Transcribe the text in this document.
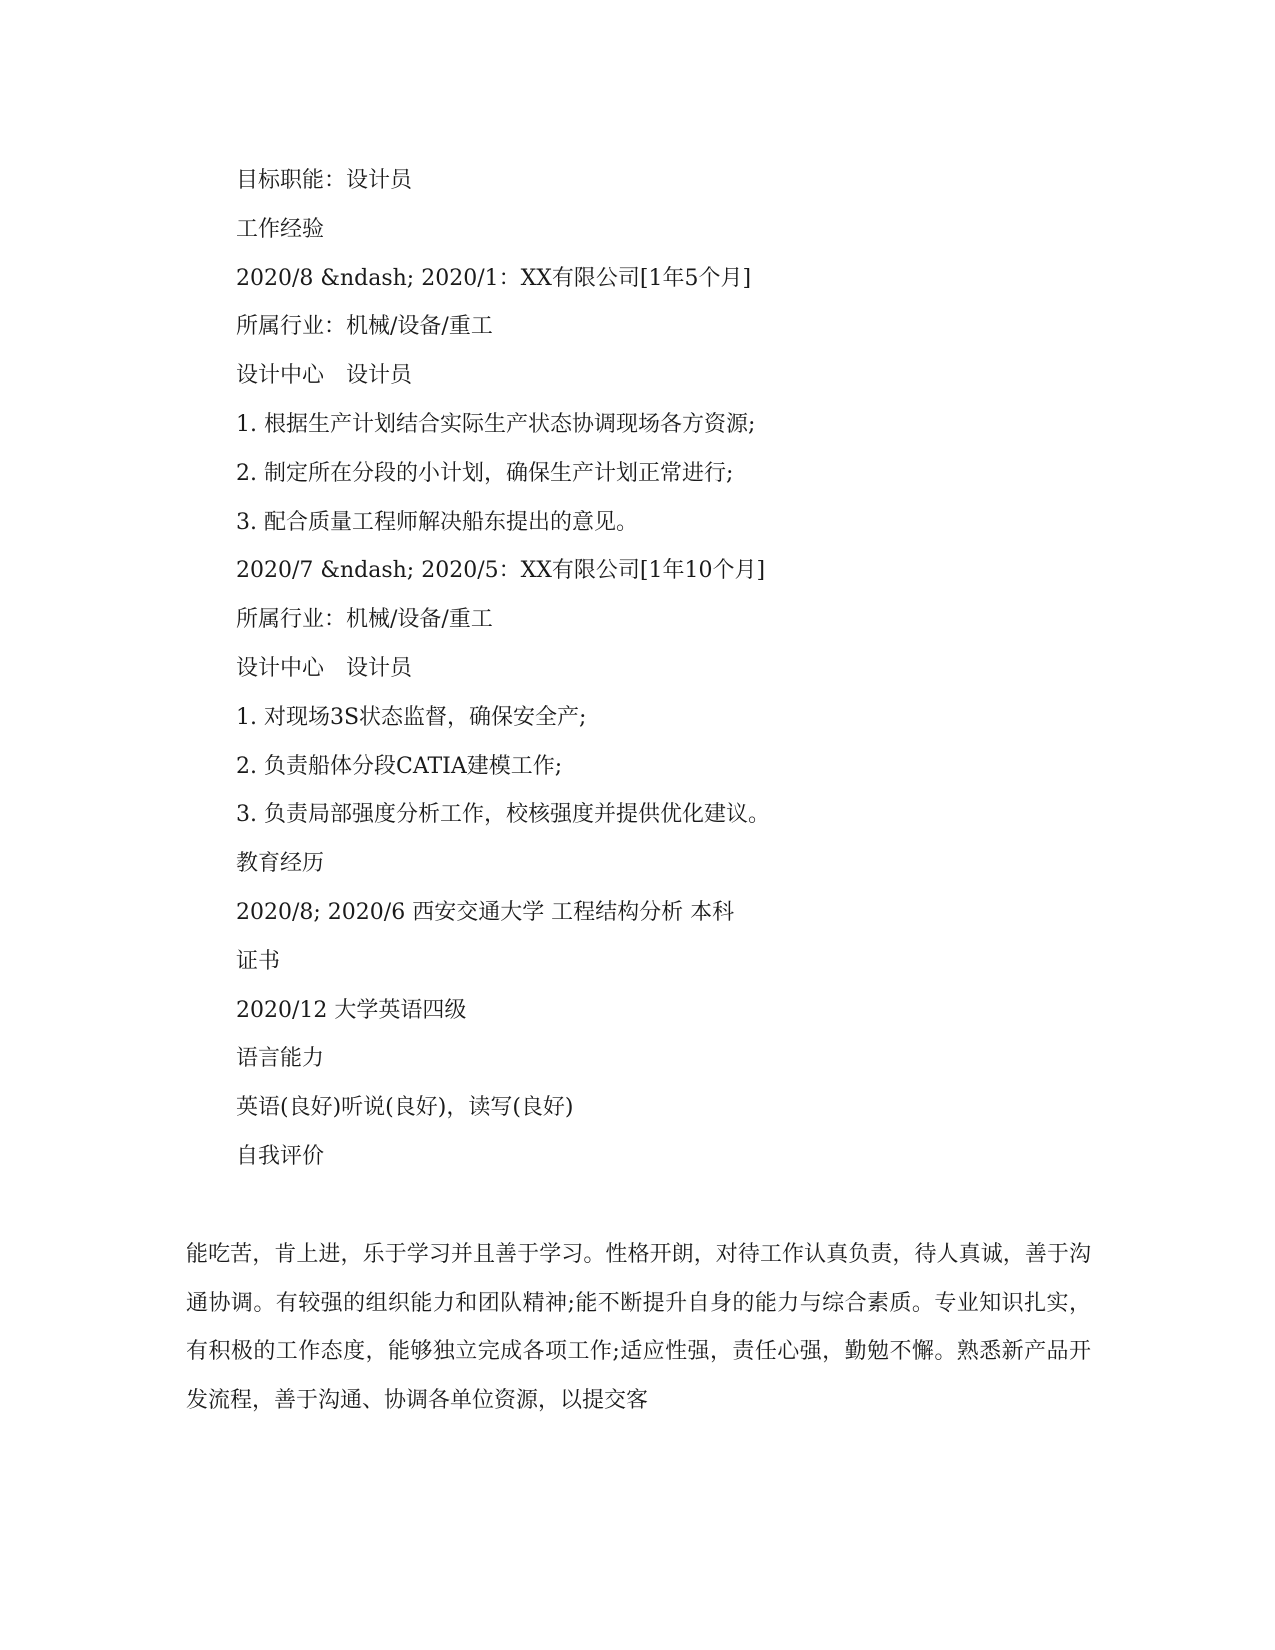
目标职能：设计员
工作经验
2020/8 &ndash; 2020/1：XX有限公司[1年5个月]
所属行业：机械/设备/重工
设计中心　设计员
1. 根据生产计划结合实际生产状态协调现场各方资源;
2. 制定所在分段的小计划，确保生产计划正常进行;
3. 配合质量工程师解决船东提出的意见。
2020/7 &ndash; 2020/5：XX有限公司[1年10个月]
所属行业：机械/设备/重工
设计中心　设计员
1. 对现场3S状态监督，确保安全产;
2. 负责船体分段CATIA建模工作;
3. 负责局部强度分析工作，校核强度并提供优化建议。
教育经历
2020/8; 2020/6 西安交通大学 工程结构分析 本科
证书
2020/12 大学英语四级
语言能力
英语(良好)听说(良好)，读写(良好)
自我评价

能吃苦，肯上进，乐于学习并且善于学习。性格开朗，对待工作认真负责，待人真诚，善于沟通协调。有较强的组织能力和团队精神;能不断提升自身的能力与综合素质。专业知识扎实，有积极的工作态度，能够独立完成各项工作;适应性强，责任心强，勤勉不懈。熟悉新产品开发流程，善于沟通、协调各单位资源，以提交客
